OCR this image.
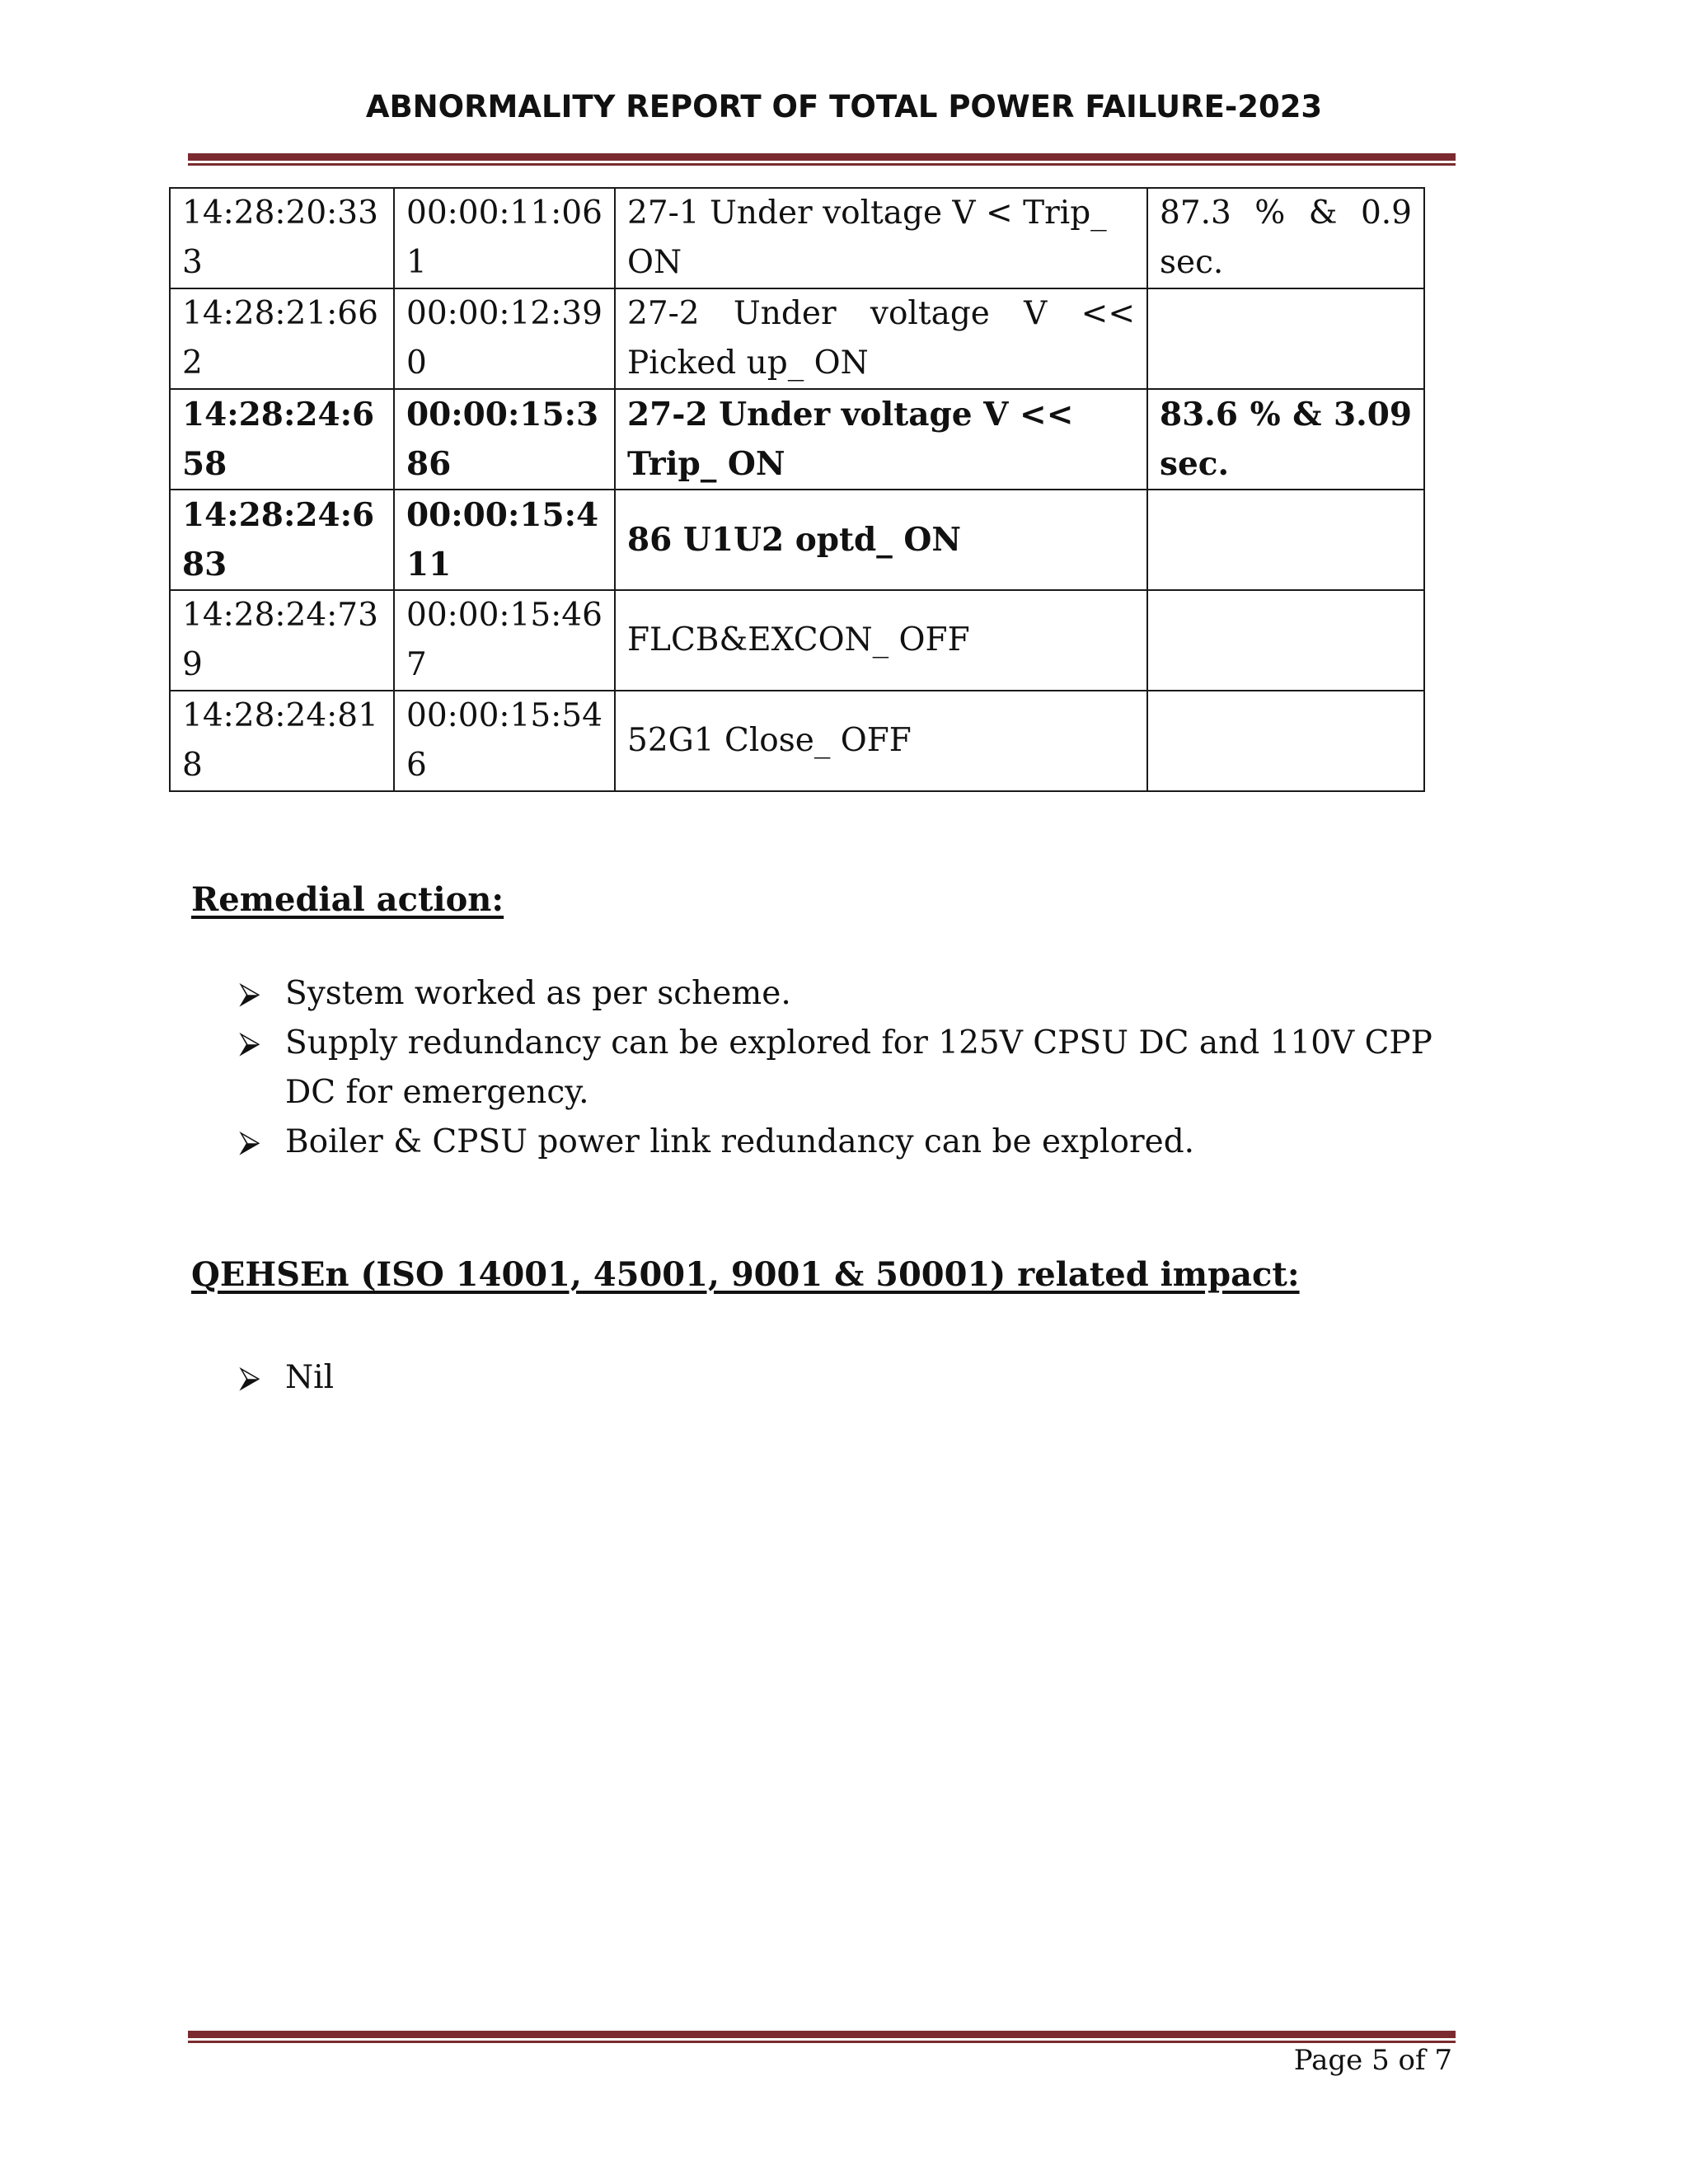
ABNORMALITY REPORT OF TOTAL POWER FAILURE-2023
14:28:20:333	00:00:11:061	27-1 Under voltage V < Trip_ ON	87.3 % & 0.9 sec.
14:28:21:662	00:00:12:390	27-2 Under voltage V << Picked up_ ON	
14:28:24:658	00:00:15:386	27-2 Under voltage V << Trip_ ON	83.6 % & 3.09 sec.
14:28:24:683	00:00:15:411	86 U1U2 optd_ ON	
14:28:24:739	00:00:15:467	FLCB&EXCON_ OFF	
14:28:24:818	00:00:15:546	52G1 Close_ OFF	
Remedial action:
⮚ System worked as per scheme.
⮚ Supply redundancy can be explored for 125V CPSU DC and 110V CPP DC for emergency.
⮚ Boiler & CPSU power link redundancy can be explored.
QEHSEn (ISO 14001, 45001, 9001 & 50001) related impact:
⮚ Nil
Page 5 of 7
